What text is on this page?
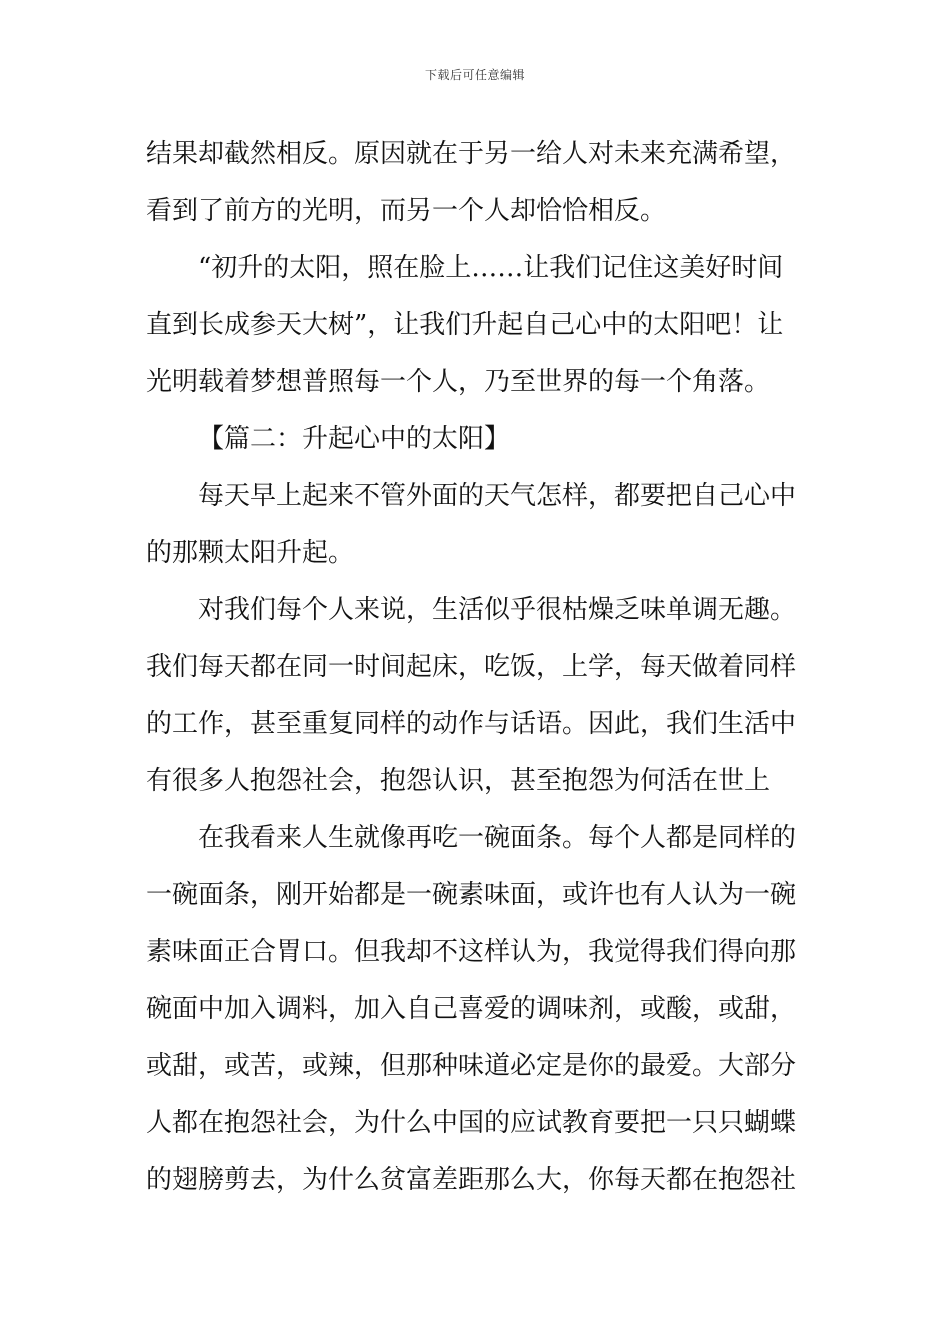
下载后可任意编辑
结果却截然相反。原因就在于另一给人对未来充满希望，
看到了前方的光明，而另一个人却恰恰相反。
“初升的太阳，照在脸上……让我们记住这美好时间
直到长成参天大树”，让我们升起自己心中的太阳吧！让
光明载着梦想普照每一个人，乃至世界的每一个角落。
【篇二：升起心中的太阳】
每天早上起来不管外面的天气怎样，都要把自己心中
的那颗太阳升起。
对我们每个人来说，生活似乎很枯燥乏味单调无趣。
我们每天都在同一时间起床，吃饭，上学，每天做着同样
的工作，甚至重复同样的动作与话语。因此，我们生活中
有很多人抱怨社会，抱怨认识，甚至抱怨为何活在世上
在我看来人生就像再吃一碗面条。每个人都是同样的
一碗面条，刚开始都是一碗素味面，或许也有人认为一碗
素味面正合胃口。但我却不这样认为，我觉得我们得向那
碗面中加入调料，加入自己喜爱的调味剂，或酸，或甜，
或甜，或苦，或辣，但那种味道必定是你的最爱。大部分
人都在抱怨社会，为什么中国的应试教育要把一只只蝴蝶
的翅膀剪去，为什么贫富差距那么大，你每天都在抱怨社
